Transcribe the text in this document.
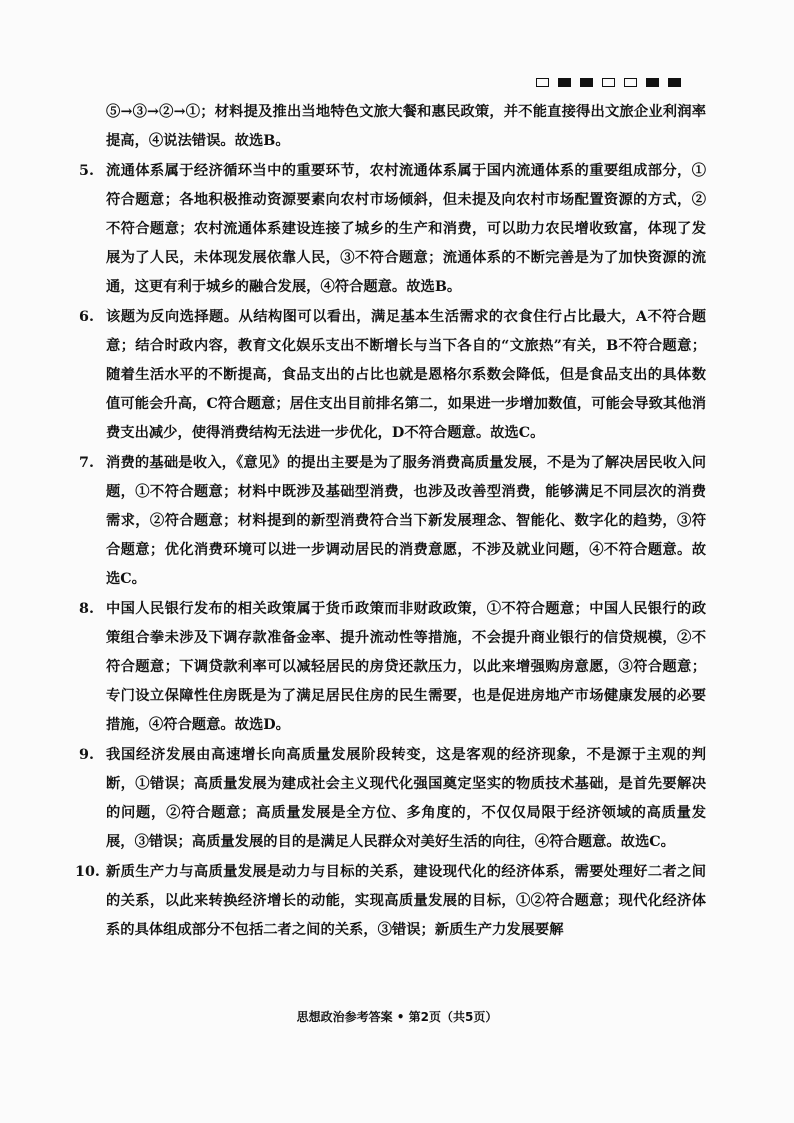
⑤→③→②→①；材料提及推出当地特色文旅大餐和惠民政策，并不能直接得出文旅企业利润率提高，④说法错误。故选B。

5. 流通体系属于经济循环当中的重要环节，农村流通体系属于国内流通体系的重要组成部分，①符合题意；各地积极推动资源要素向农村市场倾斜，但未提及向农村市场配置资源的方式，②不符合题意；农村流通体系建设连接了城乡的生产和消费，可以助力农民增收致富，体现了发展为了人民，未体现发展依靠人民，③不符合题意；流通体系的不断完善是为了加快资源的流通，这更有利于城乡的融合发展，④符合题意。故选B。
6. 该题为反向选择题。从结构图可以看出，满足基本生活需求的衣食住行占比最大，A不符合题意；结合时政内容，教育文化娱乐支出不断增长与当下各自的“文旅热”有关，B不符合题意；随着生活水平的不断提高，食品支出的占比也就是恩格尔系数会降低，但是食品支出的具体数值可能会升高，C符合题意；居住支出目前排名第二，如果进一步增加数值，可能会导致其他消费支出减少，使得消费结构无法进一步优化，D不符合题意。故选C。
7. 消费的基础是收入，《意见》的提出主要是为了服务消费高质量发展，不是为了解决居民收入问题，①不符合题意；材料中既涉及基础型消费，也涉及改善型消费，能够满足不同层次的消费需求，②符合题意；材料提到的新型消费符合当下新发展理念、智能化、数字化的趋势，③符合题意；优化消费环境可以进一步调动居民的消费意愿，不涉及就业问题，④不符合题意。故选C。
8. 中国人民银行发布的相关政策属于货币政策而非财政政策，①不符合题意；中国人民银行的政策组合拳未涉及下调存款准备金率、提升流动性等措施，不会提升商业银行的信贷规模，②不符合题意；下调贷款利率可以减轻居民的房贷还款压力，以此来增强购房意愿，③符合题意；专门设立保障性住房既是为了满足居民住房的民生需要，也是促进房地产市场健康发展的必要措施，④符合题意。故选D。
9. 我国经济发展由高速增长向高质量发展阶段转变，这是客观的经济现象，不是源于主观的判断，①错误；高质量发展为建成社会主义现代化强国奠定坚实的物质技术基础，是首先要解决的问题，②符合题意；高质量发展是全方位、多角度的，不仅仅局限于经济领域的高质量发展，③错误；高质量发展的目的是满足人民群众对美好生活的向往，④符合题意。故选C。
10. 新质生产力与高质量发展是动力与目标的关系，建设现代化的经济体系，需要处理好二者之间的关系，以此来转换经济增长的动能，实现高质量发展的目标，①②符合题意；现代化经济体系的具体组成部分不包括二者之间的关系，③错误；新质生产力发展要解
思想政治参考答案 • 第2页（共5页）
